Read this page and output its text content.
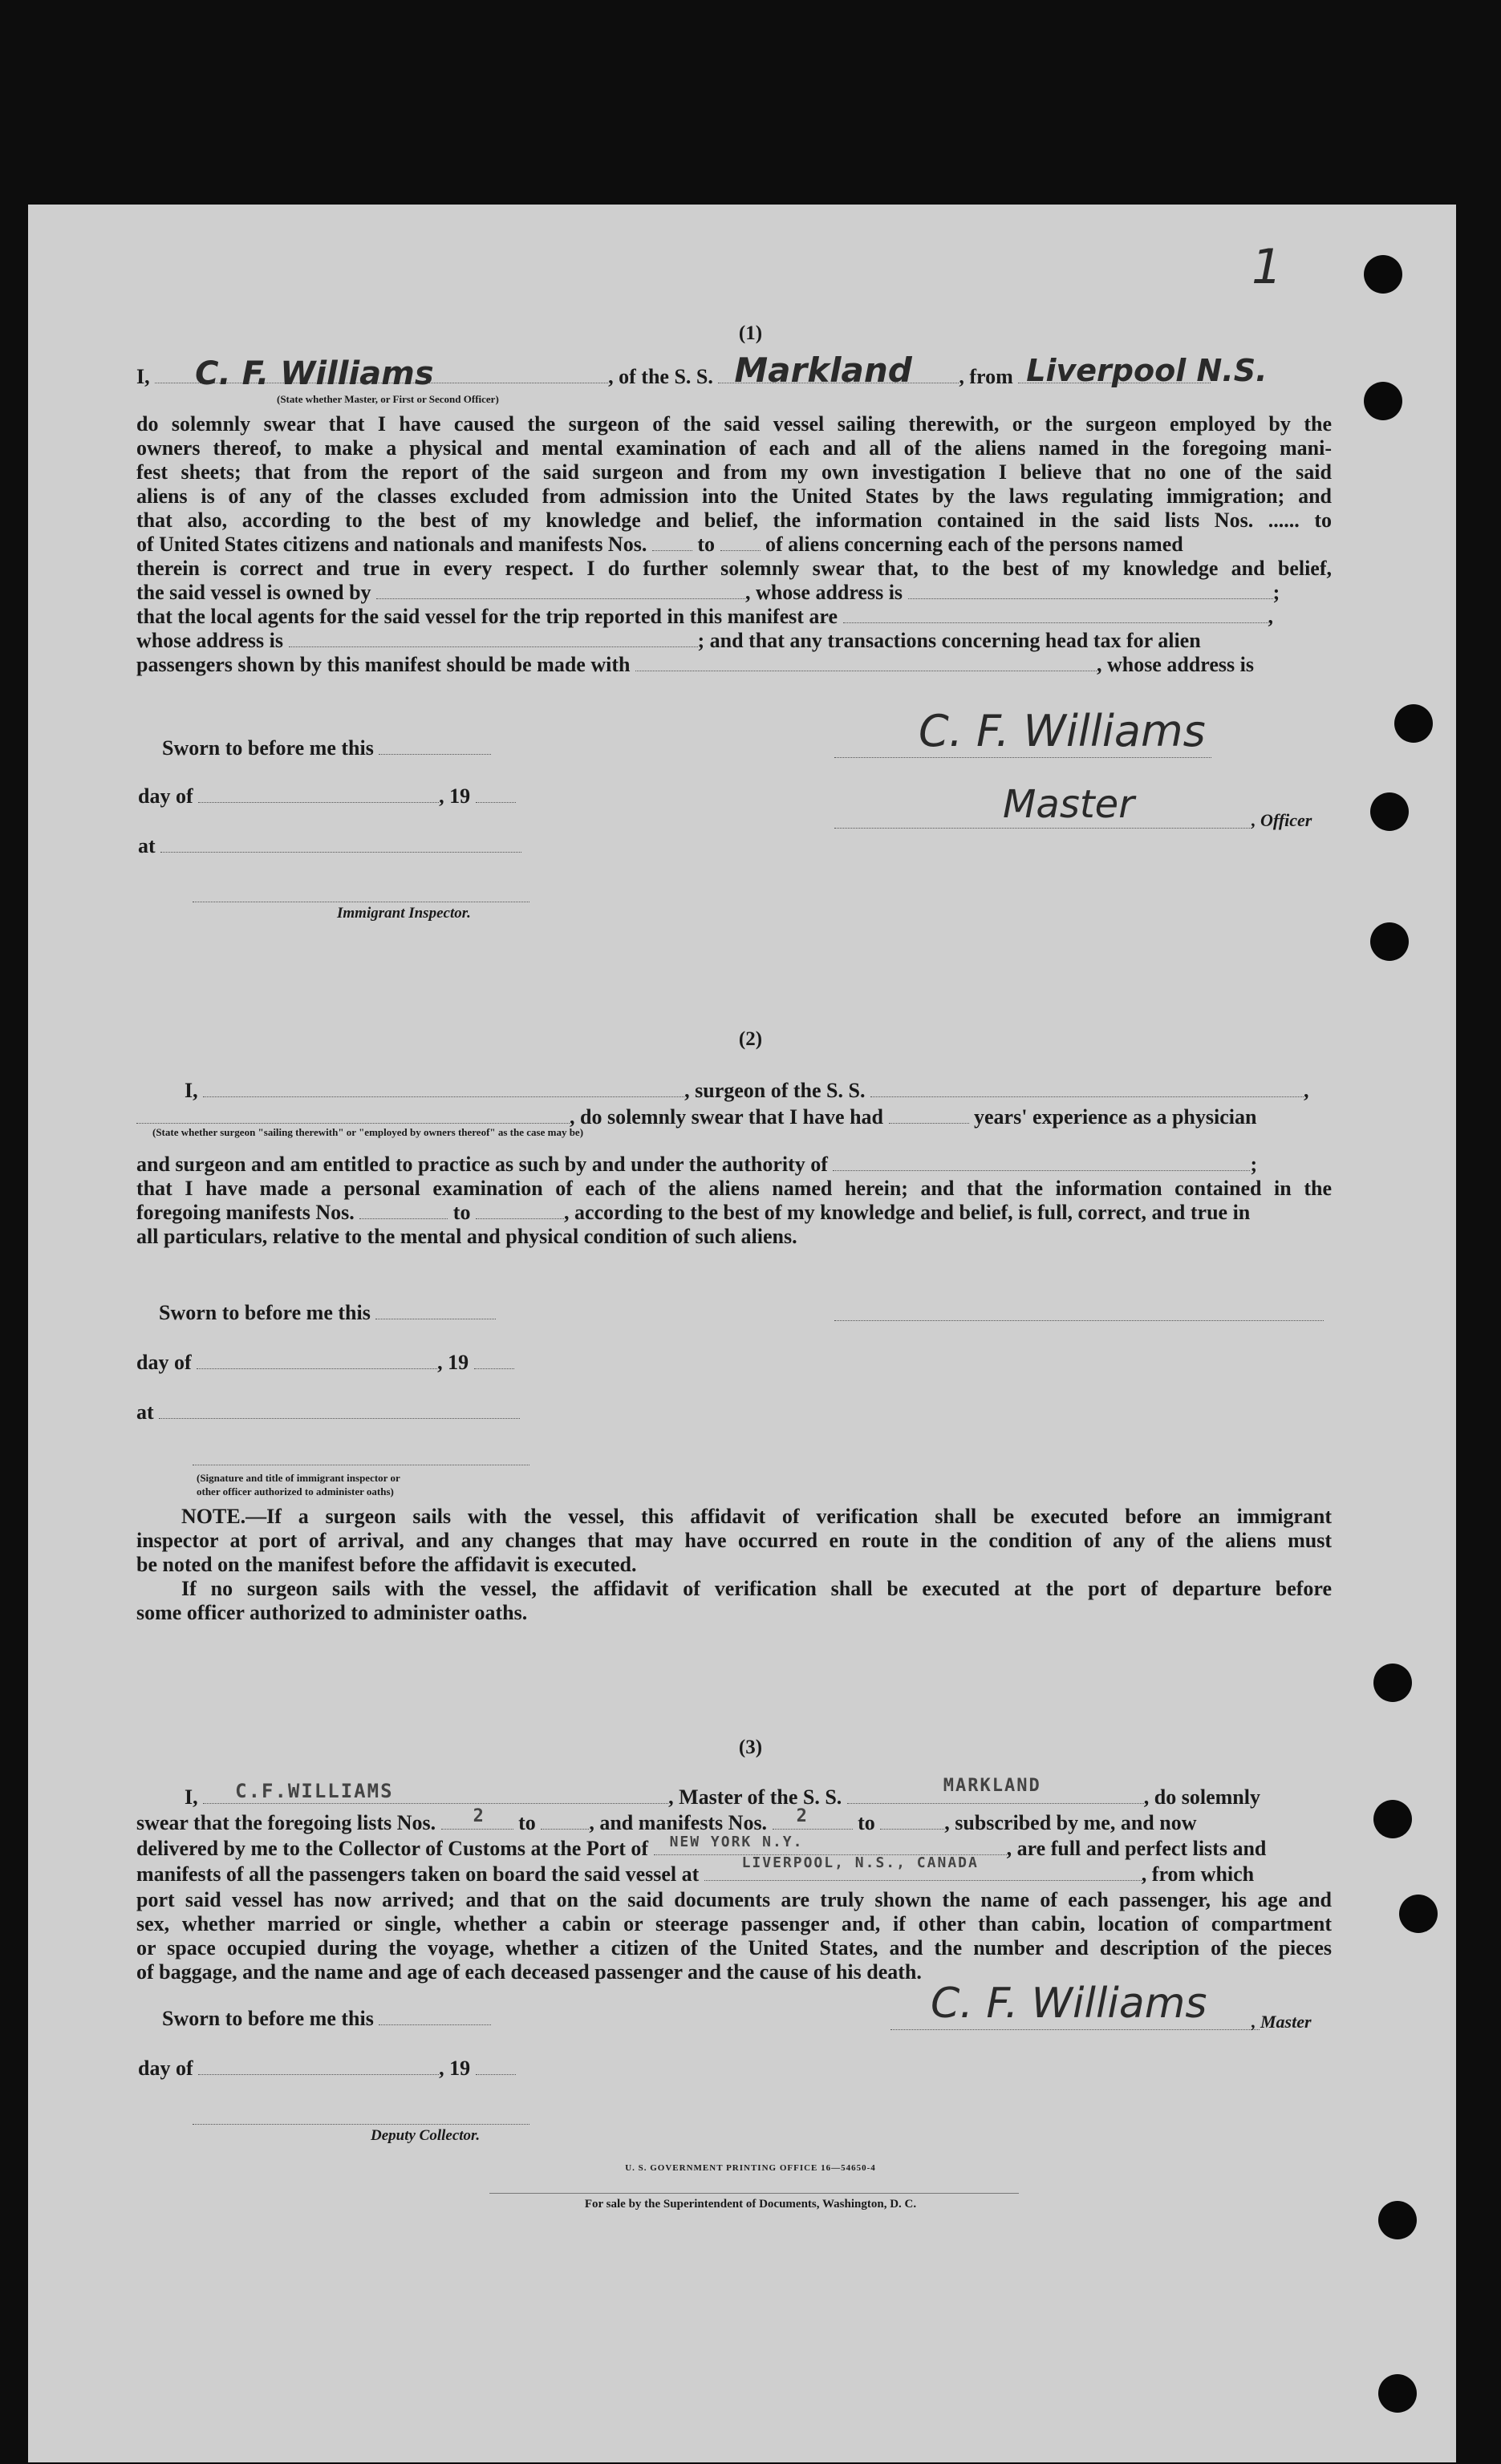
1
(1)
I, C. F. Williams	, of the S. S. Markland , from Liverpool N.S.
(State whether Master, or First or Second Officer)
do solemnly swear that I have caused the surgeon of the said vessel sailing therewith, or the surgeon employed by the
owners thereof, to make a physical and mental examination of each and all of the aliens named in the foregoing mani-
fest sheets; that from the report of the said surgeon and from my own investigation I believe that no one of the said
aliens is of any of the classes excluded from admission into the United States by the laws regulating immigration; and
that also, according to the best of my knowledge and belief, the information contained in the said lists Nos. ...... to
of United States citizens and nationals and manifests Nos. to of aliens concerning each of the persons named
therein is correct and true in every respect. I do further solemnly swear that, to the best of my knowledge and belief,
the said vessel is owned by	, whose address is	;
that the local agents for the said vessel for the trip reported in this manifest are	,
whose address is	; and that any transactions concerning head tax for alien
passengers shown by this manifest should be made with	, whose address is
Sworn to before me this
day of	, 19
at
Immigrant Inspector.
C. F. Williams
Master	, Officer
(2)
I,	, surgeon of the S. S.	,
, do solemnly swear that I have had	years' experience as a physician
(State whether surgeon "sailing therewith" or "employed by owners thereof" as the case may be)
and surgeon and am entitled to practice as such by and under the authority of	;
that I have made a personal examination of each of the aliens named herein; and that the information contained in the
foregoing manifests Nos.	to	, according to the best of my knowledge and belief, is full, correct, and true in
all particulars, relative to the mental and physical condition of such aliens.
Sworn to before me this
day of	, 19
at
(Signature and title of immigrant inspector or
other officer authorized to administer oaths)
NOTE.—If a surgeon sails with the vessel, this affidavit of verification shall be executed before an immigrant
inspector at port of arrival, and any changes that may have occurred en route in the condition of any of the aliens must
be noted on the manifest before the affidavit is executed.
If no surgeon sails with the vessel, the affidavit of verification shall be executed at the port of departure before
some officer authorized to administer oaths.
(3)
I, C.F.WILLIAMS	, Master of the S. S.	MARKLAND	, do solemnly
swear that the foregoing lists Nos. 2 to	, and manifests Nos. 2 to	, subscribed by me, and now
delivered by me to the Collector of Customs at the Port of NEW YORK N.Y.
LIVERPOOL, N.S., CANADA
, are full and perfect lists and
manifests of all the passengers taken on board the said vessel at	, from which
port said vessel has now arrived; and that on the said documents are truly shown the name of each passenger, his age and
sex, whether married or single, whether a cabin or steerage passenger and, if other than cabin, location of compartment
or space occupied during the voyage, whether a citizen of the United States, and the number and description of the pieces
of baggage, and the name and age of each deceased passenger and the cause of his death.
Sworn to before me this
day of	, 19
Deputy Collector.
C. F. Williams	, Master
U. S. GOVERNMENT PRINTING OFFICE 16—54650-4
For sale by the Superintendent of Documents, Washington, D. C.
